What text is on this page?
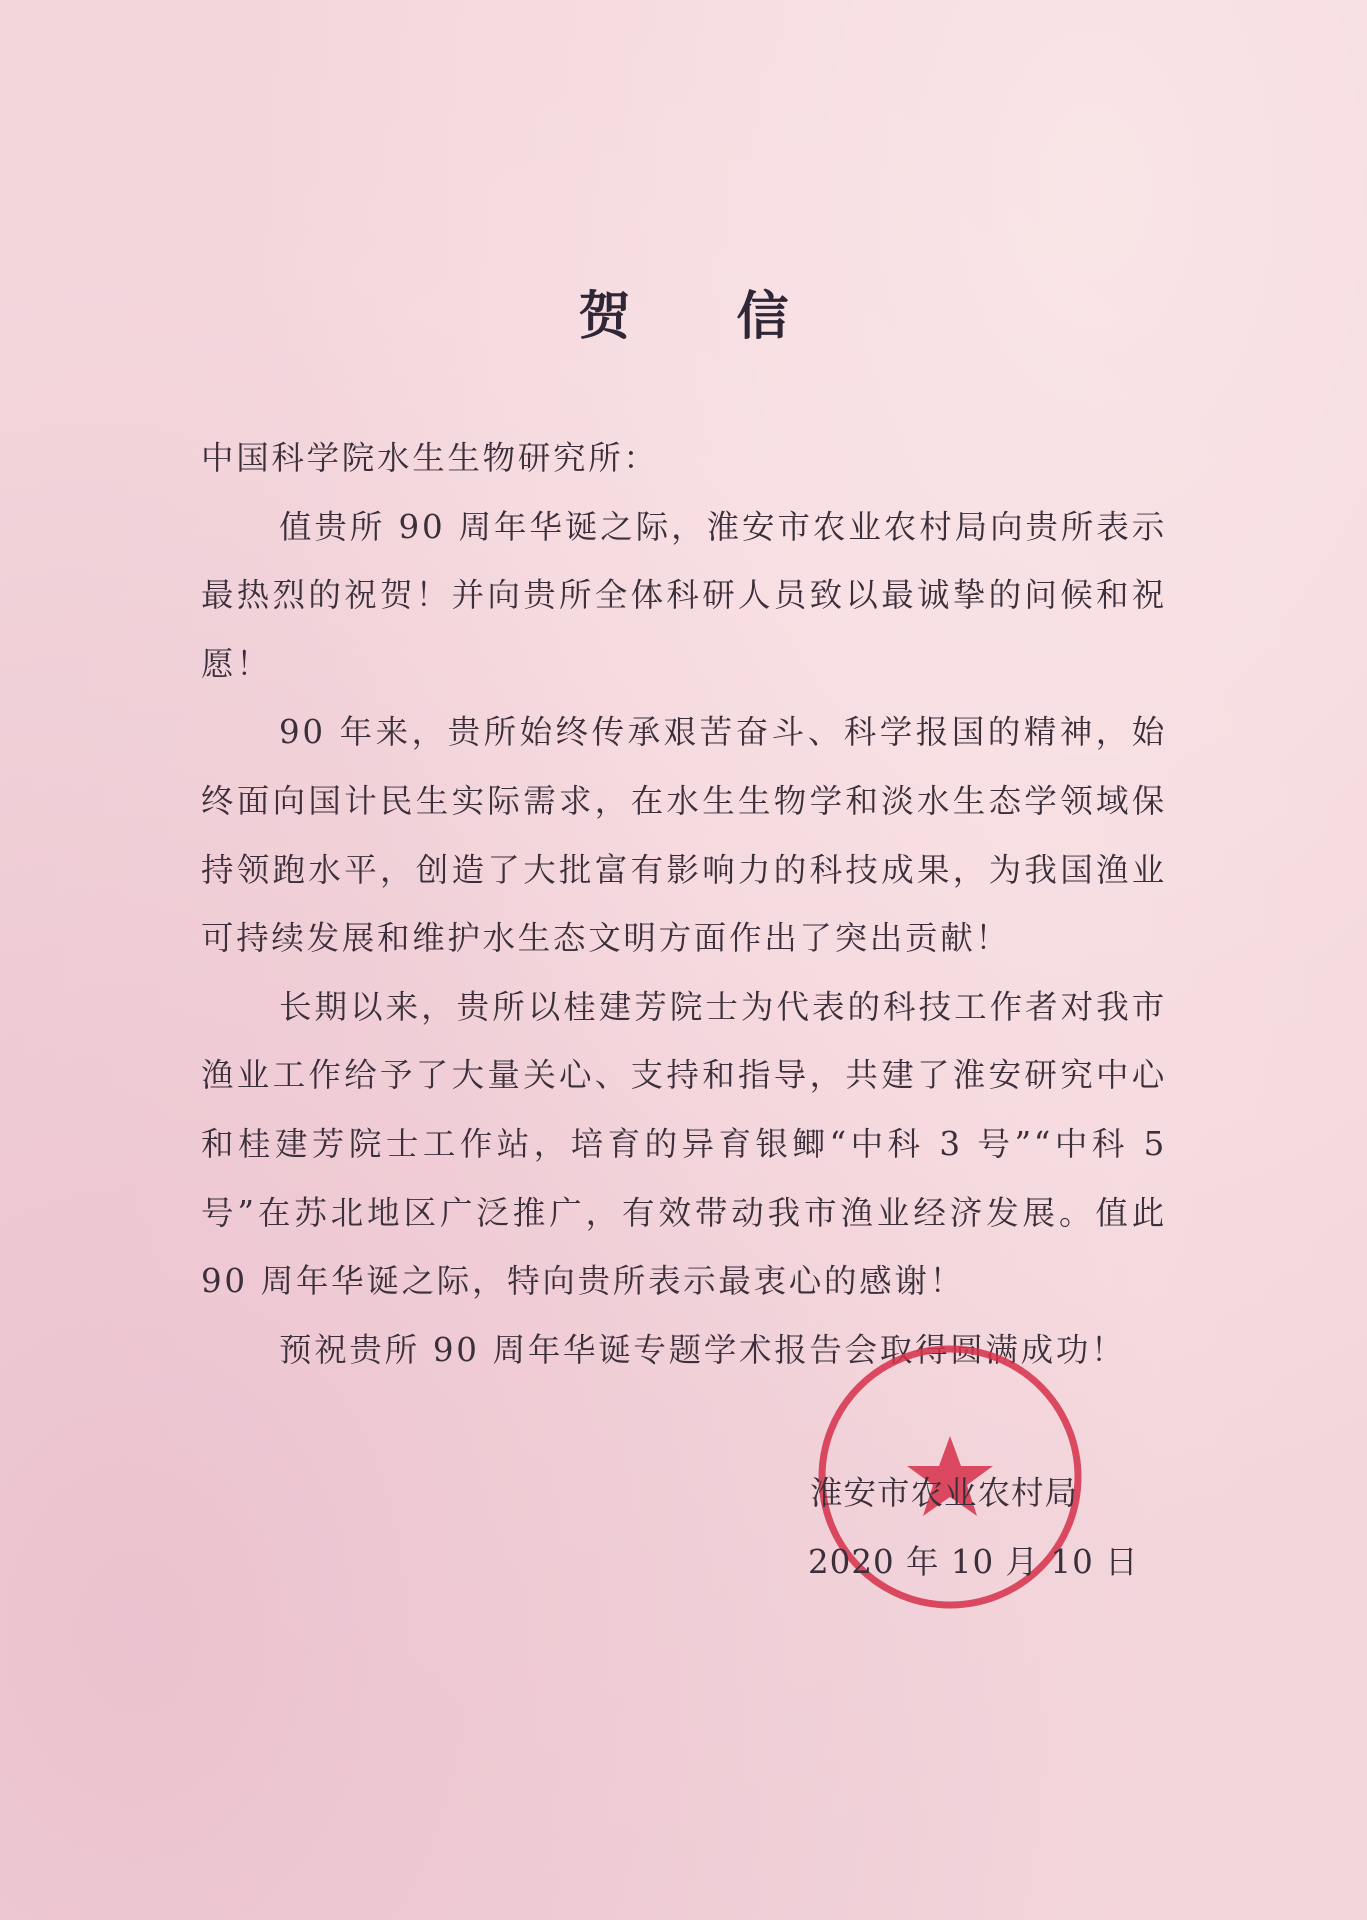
贺 信

中国科学院水生生物研究所：

值贵所 90 周年华诞之际，淮安市农业农村局向贵所表示最热烈的祝贺！并向贵所全体科研人员致以最诚挚的问候和祝愿！

90 年来，贵所始终传承艰苦奋斗、科学报国的精神，始终面向国计民生实际需求，在水生生物学和淡水生态学领域保持领跑水平，创造了大批富有影响力的科技成果，为我国渔业可持续发展和维护水生态文明方面作出了突出贡献！

长期以来，贵所以桂建芳院士为代表的科技工作者对我市渔业工作给予了大量关心、支持和指导，共建了淮安研究中心和桂建芳院士工作站，培育的异育银鲫“中科 3 号”“中科 5 号”在苏北地区广泛推广，有效带动我市渔业经济发展。值此 90 周年华诞之际，特向贵所表示最衷心的感谢！

预祝贵所 90 周年华诞专题学术报告会取得圆满成功！

淮安市农业农村局
2020 年 10 月 10 日
